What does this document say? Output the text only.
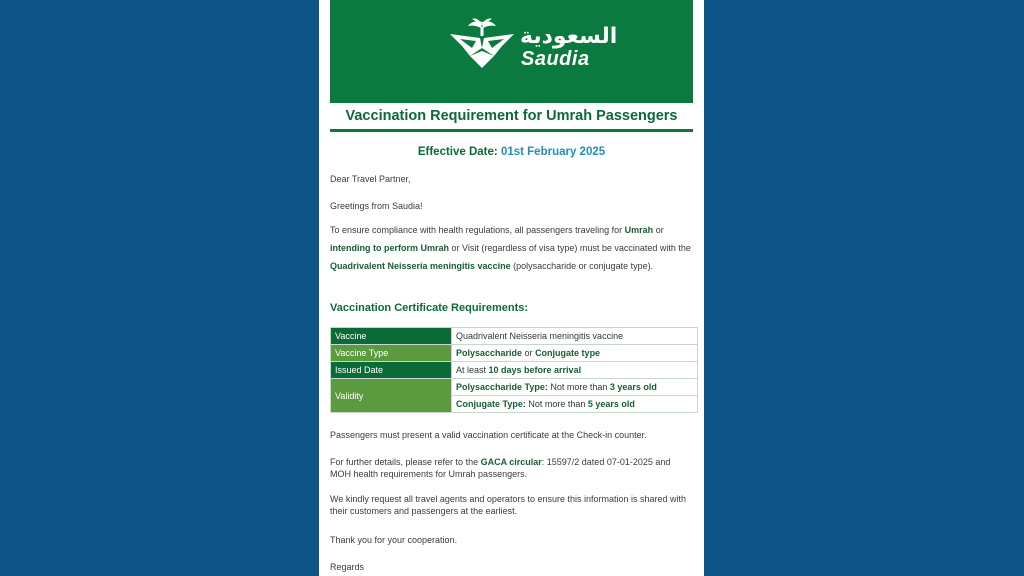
السعودية
Saudia
Vaccination Requirement for Umrah Passengers
Effective Date: 01st February 2025
Dear Travel Partner,
Greetings from Saudia!
To ensure compliance with health regulations, all passengers traveling for Umrah or intending to perform Umrah or Visit (regardless of visa type) must be vaccinated with the Quadrivalent Neisseria meningitis vaccine (polysaccharide or conjugate type).
Vaccination Certificate Requirements:
Vaccine	Quadrivalent Neisseria meningitis vaccine
Vaccine Type	Polysaccharide or Conjugate type
Issued Date	At least 10 days before arrival
Validity	Polysaccharide Type: Not more than 3 years old
	Conjugate Type: Not more than 5 years old
Passengers must present a valid vaccination certificate at the Check-in counter.
For further details, please refer to the GACA circular: 15597/2 dated 07-01-2025 and MOH health requirements for Umrah passengers.
We kindly request all travel agents and operators to ensure this information is shared with their customers and passengers at the earliest.
Thank you for your cooperation.
Regards
